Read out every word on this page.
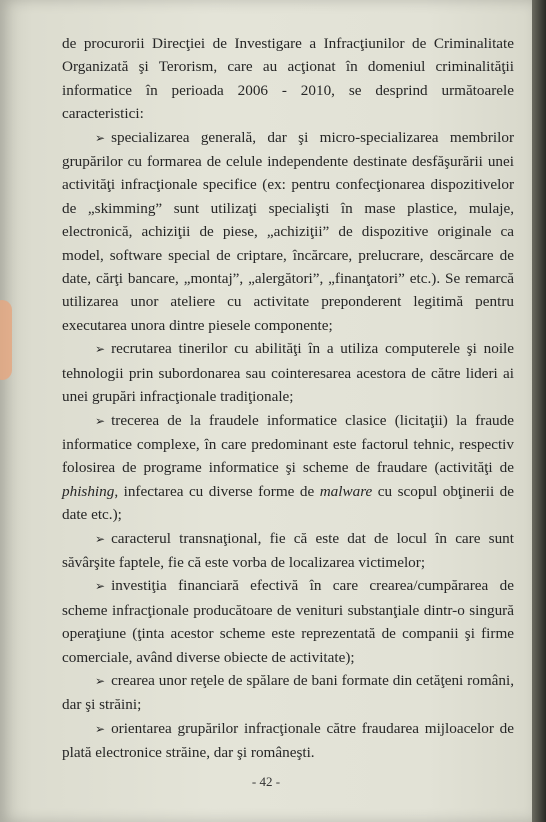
de procurorii Direcţiei de Investigare a Infracţiunilor de Criminalitate Organizată şi Terorism, care au acţionat în domeniul criminalităţii informatice în perioada 2006 - 2010, se desprind următoarele caracteristici:

➢ specializarea generală, dar şi micro-specializarea membrilor grupărilor cu formarea de celule independente destinate desfăşurării unei activităţi infracţionale specifice (ex: pentru confecţionarea dispozitivelor de „skimming” sunt utilizaţi specialişti în mase plastice, mulaje, electronică, achiziţii de piese, „achiziţii” de dispozitive originale ca model, software special de criptare, încărcare, prelucrare, descărcare de date, cărţi bancare, „montaj”, „alergători”, „finanţatori” etc.). Se remarcă utilizarea unor ateliere cu activitate preponderent legitimă pentru executarea unora dintre piesele componente;

➢ recrutarea tinerilor cu abilităţi în a utiliza computerele şi noile tehnologii prin subordonarea sau cointeresarea acestora de către lideri ai unei grupări infracţionale tradiţionale;

➢ trecerea de la fraudele informatice clasice (licitaţii) la fraude informatice complexe, în care predominant este factorul tehnic, respectiv folosirea de programe informatice şi scheme de fraudare (activităţi de phishing, infectarea cu diverse forme de malware cu scopul obţinerii de date etc.);

➢ caracterul transnaţional, fie că este dat de locul în care sunt săvârşite faptele, fie că este vorba de localizarea victimelor;

➢ investiţia financiară efectivă în care crearea/cumpărarea de scheme infracţionale producătoare de venituri substanţiale dintr-o singură operaţiune (ţinta acestor scheme este reprezentată de companii şi firme comerciale, având diverse obiecte de activitate);

➢ crearea unor reţele de spălare de bani formate din cetăţeni români, dar şi străini;

➢ orientarea grupărilor infracţionale către fraudarea mijloacelor de plată electronice străine, dar şi româneşti.

- 42 -
